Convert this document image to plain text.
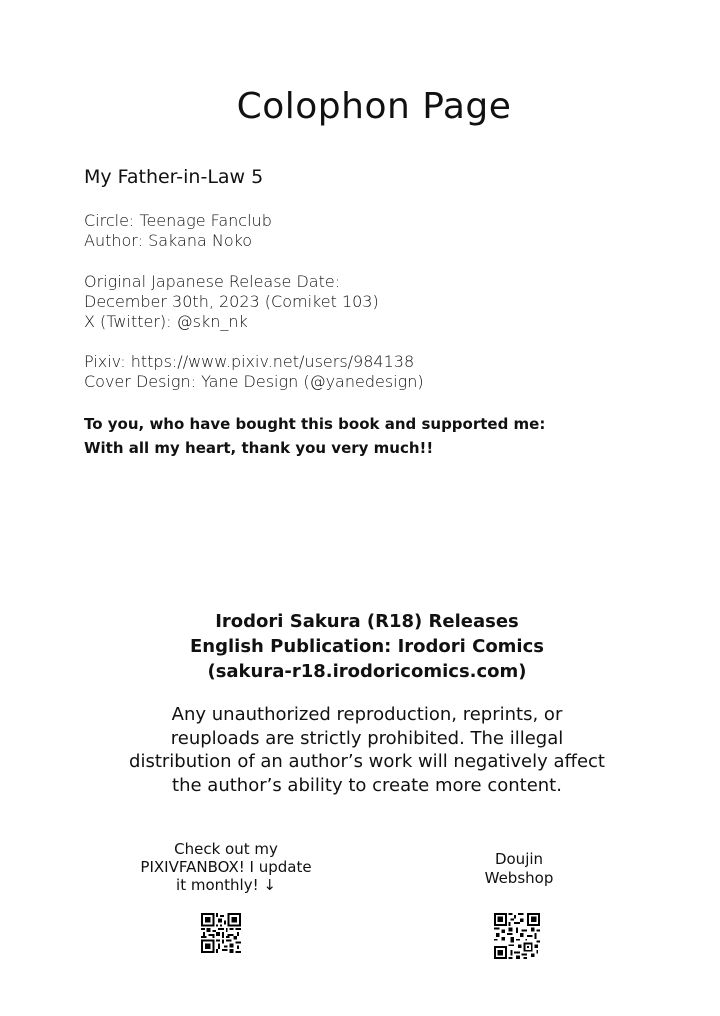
Colophon Page
My Father-in-Law 5
Circle: Teenage Fanclub
Author: Sakana Noko
Original Japanese Release Date:
December 30th, 2023 (Comiket 103)
X (Twitter): @skn_nk
Pixiv: https://www.pixiv.net/users/984138
Cover Design: Yane Design (@yanedesign)
To you, who have bought this book and supported me:
With all my heart, thank you very much!!
Irodori Sakura (R18) Releases
English Publication: Irodori Comics
(sakura-r18.irodoricomics.com)
Any unauthorized reproduction, reprints, or
reuploads are strictly prohibited. The illegal
distribution of an author’s work will negatively affect
the author’s ability to create more content.
Check out my
PIXIVFANBOX! I update
it monthly! ↓
Doujin
Webshop
